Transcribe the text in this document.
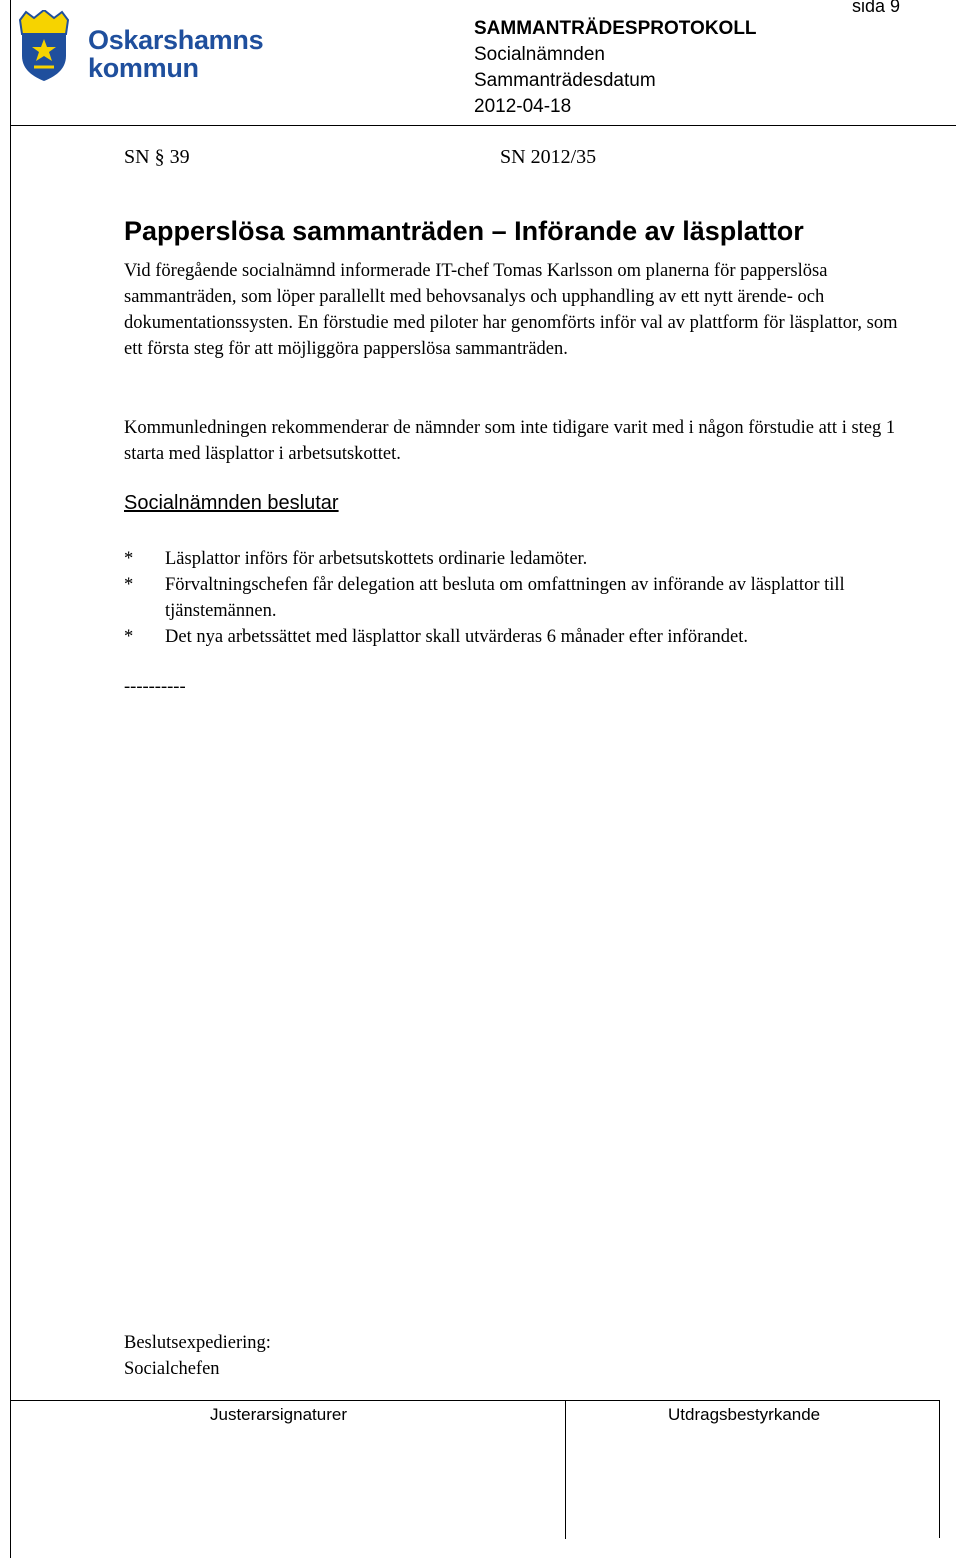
Oskarshamns
kommun
sida 9
SAMMANTRÄDESPROTOKOLL
Socialnämnden
Sammanträdesdatum
2012-04-18
SN § 39	SN 2012/35
Papperslösa sammanträden – Införande av läsplattor
Vid föregående socialnämnd informerade IT-chef Tomas Karlsson om planerna för papperslösa sammanträden, som löper parallellt med behovsanalys och upphandling av ett nytt ärende- och dokumentationssysten. En förstudie med piloter har genomförts inför val av plattform för läsplattor, som ett första steg för att möjliggöra papperslösa sammanträden.
Kommunledningen rekommenderar de nämnder som inte tidigare varit med i någon förstudie att i steg 1 starta med läsplattor i arbetsutskottet.
Socialnämnden beslutar
*	Läsplattor införs för arbetsutskottets ordinarie ledamöter.
*	Förvaltningschefen får delegation att besluta om omfattningen av införande av läsplattor till tjänstemännen.
*	Det nya arbetssättet med läsplattor skall utvärderas 6 månader efter införandet.
----------
Beslutsexpediering:
Socialchefen
Justerarsignaturer	Utdragsbestyrkande
